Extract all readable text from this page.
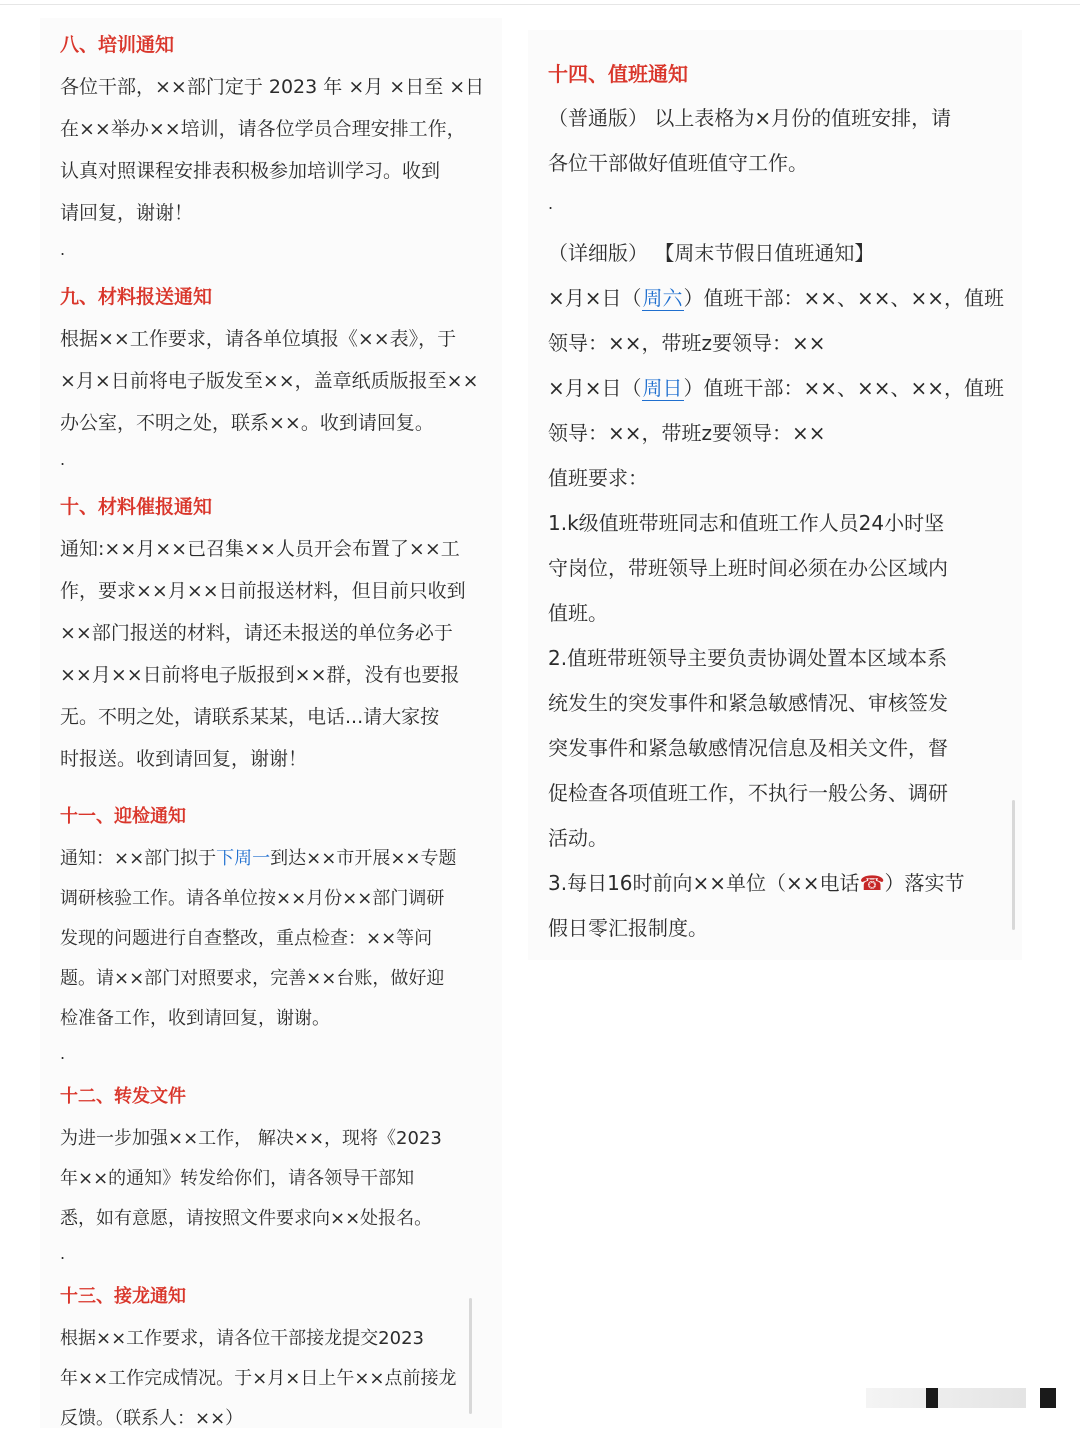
八、培训通知
各位干部，××部门定于 2023 年 ×月 ×日至 ×日
在××举办××培训，请各位学员合理安排工作，
认真对照课程安排表积极参加培训学习。收到
请回复，谢谢！
.
九、材料报送通知
根据××工作要求，请各单位填报《××表》，于
×月×日前将电子版发至××，盖章纸质版报至××
办公室，不明之处，联系××。收到请回复。
.
十、材料催报通知
通知:××月××已召集××人员开会布置了××工
作，要求××月××日前报送材料，但目前只收到
××部门报送的材料，请还未报送的单位务必于
××月××日前将电子版报到××群，没有也要报
无。不明之处，请联系某某，电话...请大家按
时报送。收到请回复，谢谢！
十一、迎检通知
通知：××部门拟于下周一到达××市开展××专题
调研核验工作。请各单位按××月份××部门调研
发现的问题进行自查整改，重点检查：××等问
题。请××部门对照要求，完善××台账，做好迎
检准备工作，收到请回复，谢谢。
.
十二、转发文件
为进一步加强××工作， 解决××，现将《2023
年××的通知》转发给你们，请各领导干部知
悉，如有意愿，请按照文件要求向××处报名。
.
十三、接龙通知
根据××工作要求，请各位干部接龙提交2023
年××工作完成情况。于×月×日上午××点前接龙
反馈。（联系人：××）
十四、值班通知
（普通版） 以上表格为×月份的值班安排，请
各位干部做好值班值守工作。
.
（详细版） 【周末节假日值班通知】
×月×日（周六）值班干部：××、××、××，值班
领导：××，带班z要领导：××
×月×日（周日）值班干部：××、××、××，值班
领导：××，带班z要领导：××
值班要求：
1.k级值班带班同志和值班工作人员24小时坚
守岗位，带班领导上班时间必须在办公区域内
值班。
2.值班带班领导主要负责协调处置本区域本系
统发生的突发事件和紧急敏感情况、审核签发
突发事件和紧急敏感情况信息及相关文件，督
促检查各项值班工作，不执行一般公务、调研
活动。
3.每日16时前向××单位（××电话☎）落实节
假日零汇报制度。
